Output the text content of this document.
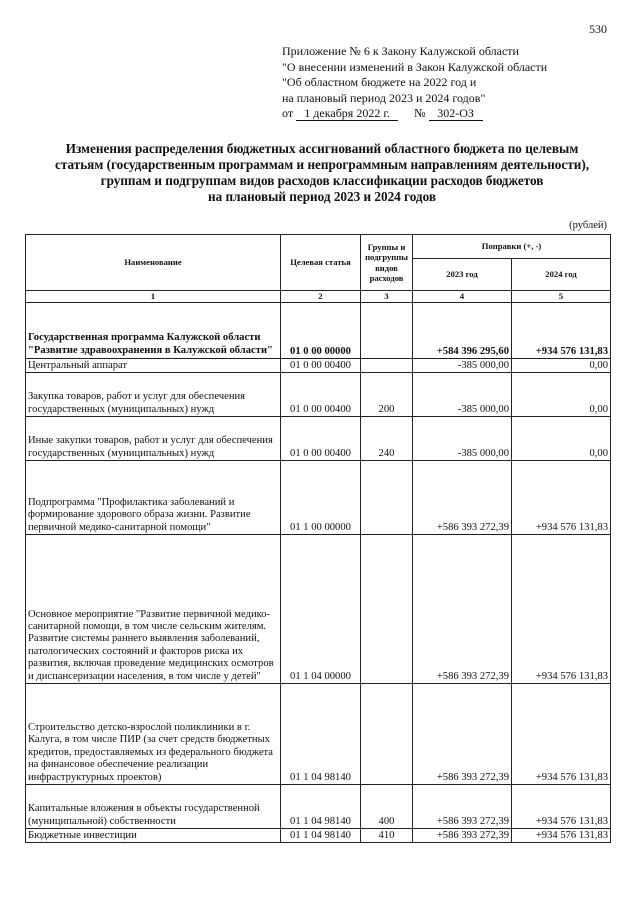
530
Приложение № 6 к Закону Калужской области
"О внесении изменений в Закон Калужской области
"Об областном бюджете на 2022 год и
на плановый период 2023 и 2024 годов"
от 1 декабря 2022 г. № 302-ОЗ
Изменения распределения бюджетных ассигнований областного бюджета по целевым
статьям (государственным программам и непрограммным направлениям деятельности),
группам и подгруппам видов расходов классификации расходов бюджетов
на плановый период 2023 и 2024 годов
(рублей)
Наименование	Целевая статья	Группы и подгруппы видов расходов	Поправки (+, -)	
			2023 год	2024 год
1	2	3	4	5
Государственная программа Калужской области "Развитие здравоохранения в Калужской области"	01 0 00 00000		+584 396 295,60	+934 576 131,83
Центральный аппарат	01 0 00 00400		-385 000,00	0,00
Закупка товаров, работ и услуг для обеспечения государственных (муниципальных) нужд	01 0 00 00400	200	-385 000,00	0,00
Иные закупки товаров, работ и услуг для обеспечения государственных (муниципальных) нужд	01 0 00 00400	240	-385 000,00	0,00
Подпрограмма "Профилактика заболеваний и формирование здорового образа жизни. Развитие первичной медико-санитарной помощи"	01 1 00 00000		+586 393 272,39	+934 576 131,83
Основное мероприятие "Развитие первичной медико-санитарной помощи, в том числе сельским жителям. Развитие системы раннего выявления заболеваний, патологических состояний и факторов риска их развития, включая проведение медицинских осмотров и диспансеризации населения, в том числе у детей"	01 1 04 00000		+586 393 272,39	+934 576 131,83
Строительство детско-взрослой поликлиники в г. Калуга, в том числе ПИР (за счет средств бюджетных кредитов, предоставляемых из федерального бюджета на финансовое обеспечение реализации инфраструктурных проектов)	01 1 04 98140		+586 393 272,39	+934 576 131,83
Капитальные вложения в объекты государственной (муниципальной) собственности	01 1 04 98140	400	+586 393 272,39	+934 576 131,83
Бюджетные инвестиции	01 1 04 98140	410	+586 393 272,39	+934 576 131,83
